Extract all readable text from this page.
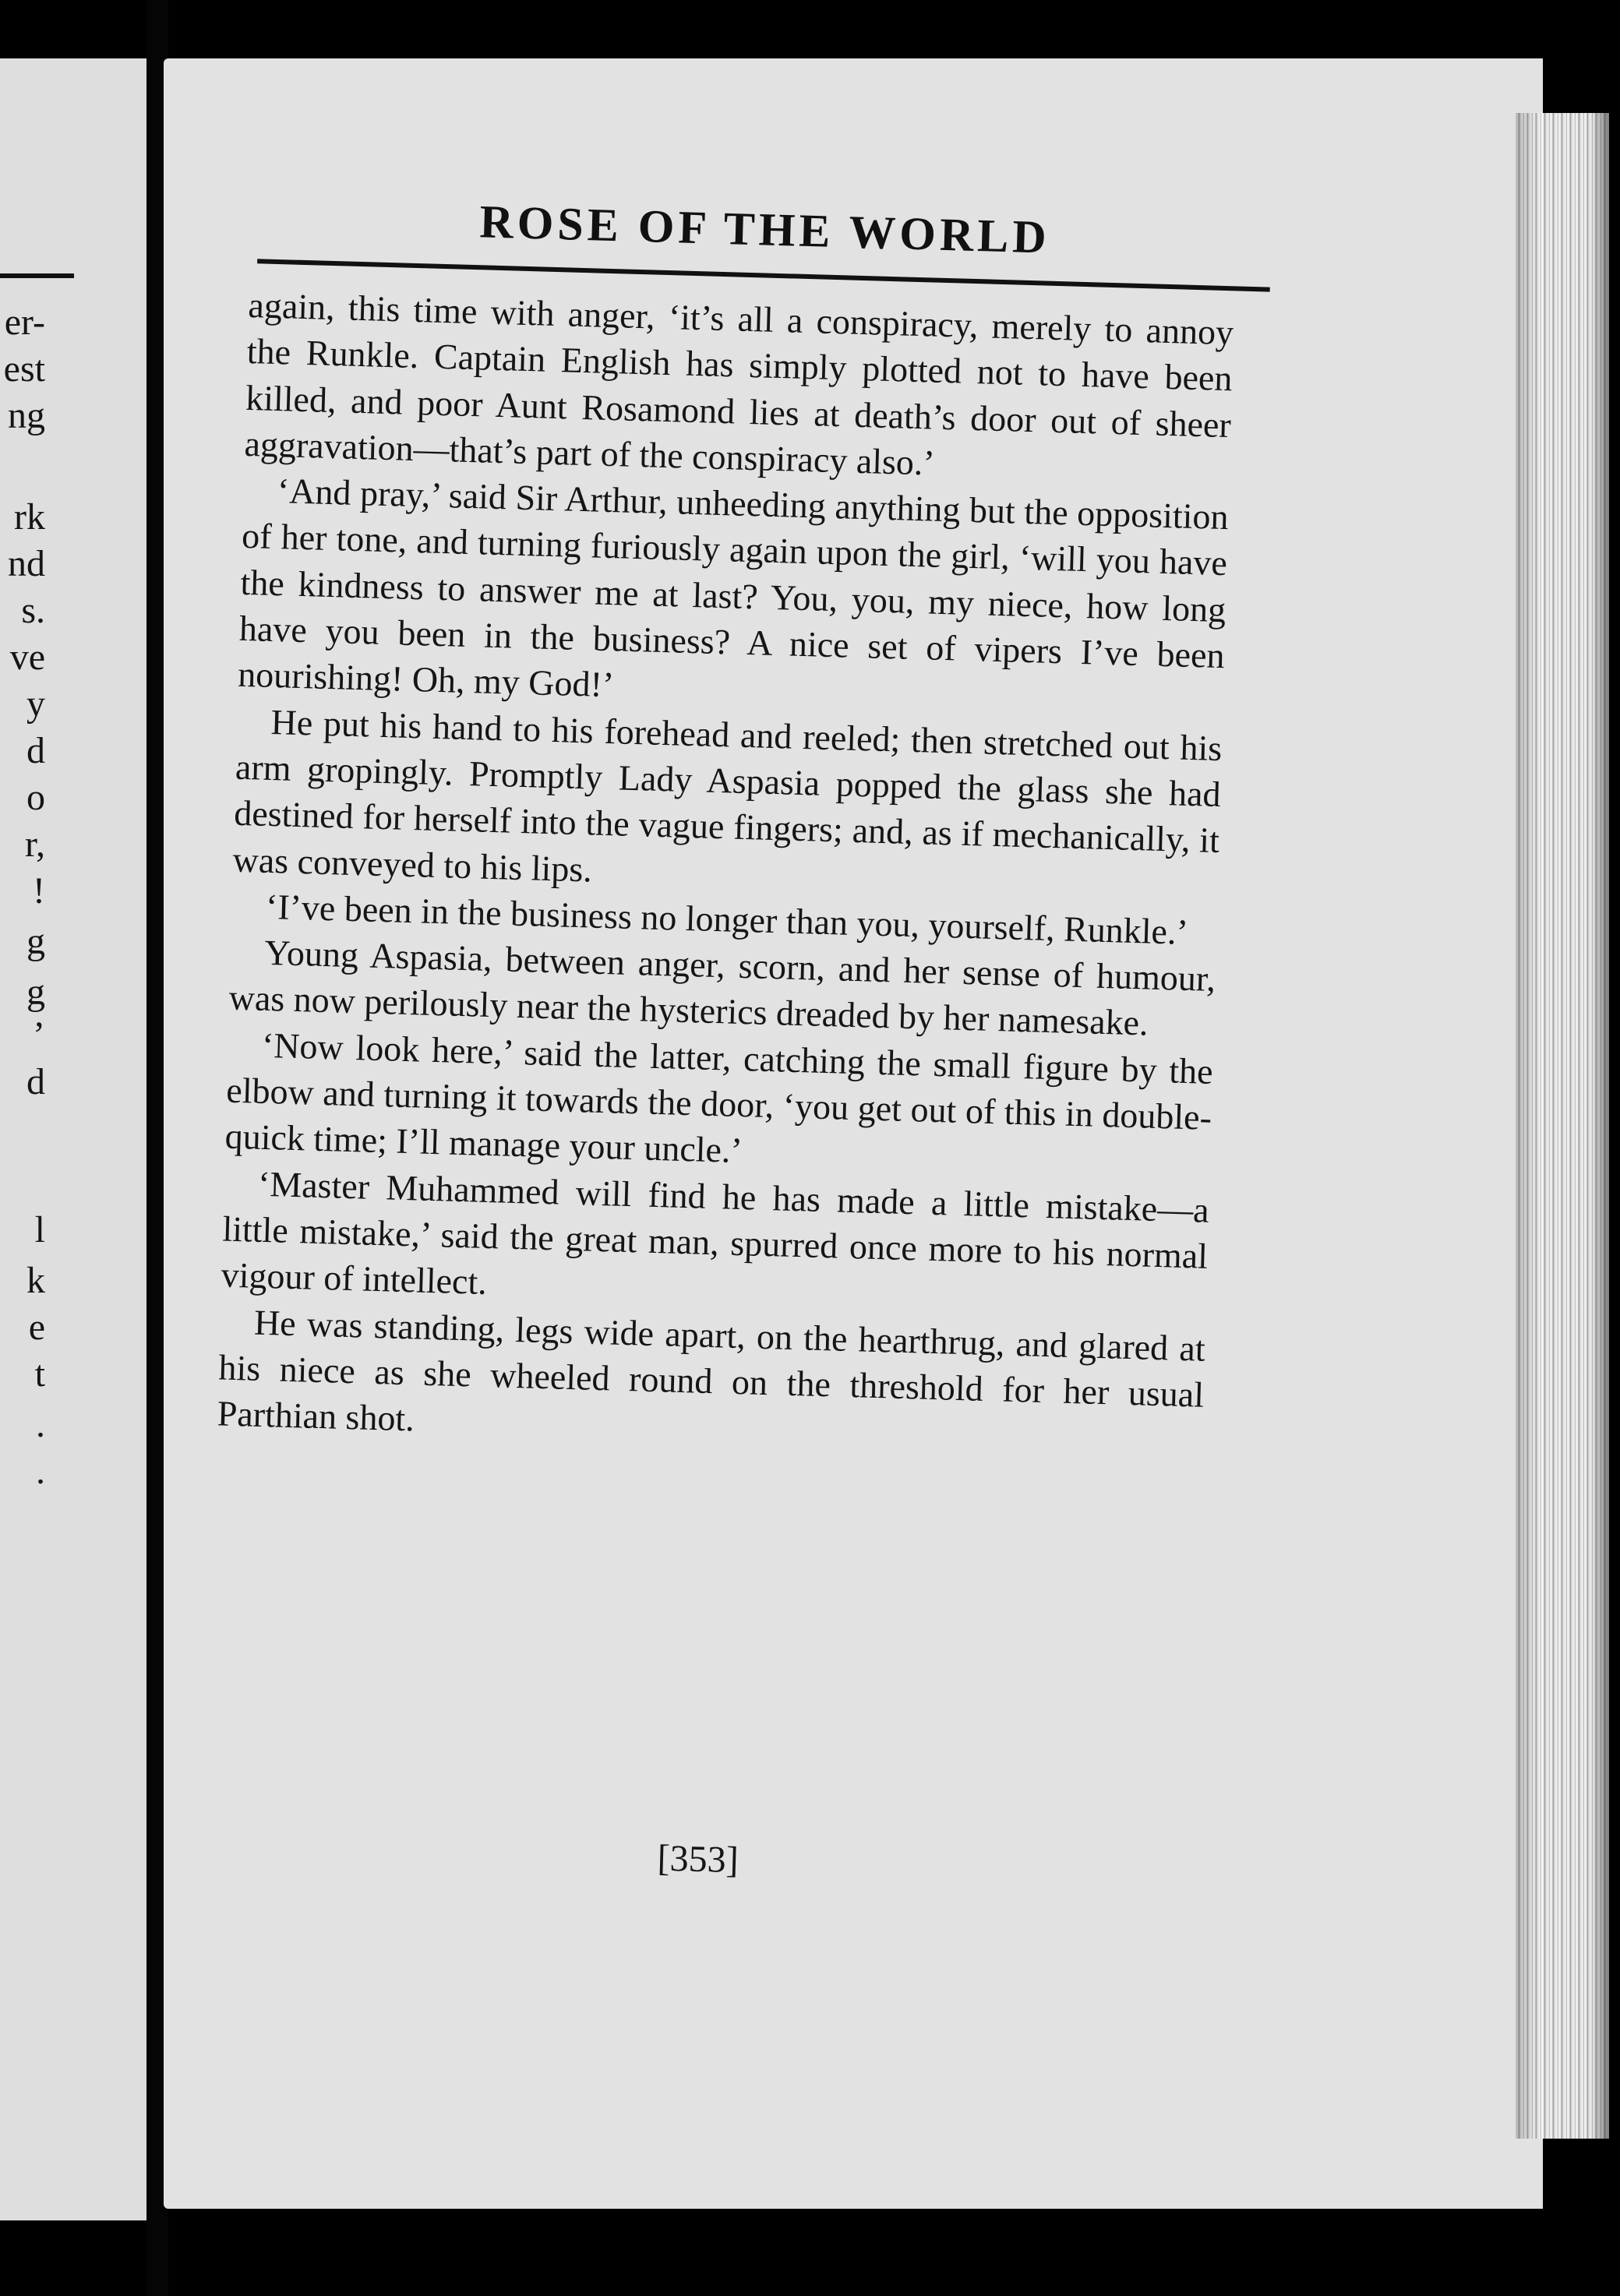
er-
est
ng
rk
nd
s.
ve
y
d
o
r,
!
g
g
’
d
l
k
e
t
.
.
ROSE OF THE WORLD

again, this time with anger, ‘it’s all a conspiracy, merely to annoy the Runkle. Captain English has simply plotted not to have been killed, and poor Aunt Rosamond lies at death’s door out of sheer aggravation—that’s part of the conspiracy also.’

‘And pray,’ said Sir Arthur, unheeding anything but the opposition of her tone, and turning furiously again upon the girl, ‘will you have the kindness to answer me at last? You, you, my niece, how long have you been in the business? A nice set of vipers I’ve been nourishing! Oh, my God!’

He put his hand to his forehead and reeled; then stretched out his arm gropingly. Promptly Lady Aspasia popped the glass she had destined for herself into the vague fingers; and, as if mechanically, it was conveyed to his lips.

‘I’ve been in the business no longer than you, yourself, Runkle.’

Young Aspasia, between anger, scorn, and her sense of humour, was now perilously near the hysterics dreaded by her namesake.

‘Now look here,’ said the latter, catching the small figure by the elbow and turning it towards the door, ‘you get out of this in double-quick time; I’ll manage your uncle.’

‘Master Muhammed will find he has made a little mistake—a little mistake,’ said the great man, spurred once more to his normal vigour of intellect.

He was standing, legs wide apart, on the hearthrug, and glared at his niece as she wheeled round on the threshold for her usual Parthian shot.

[353]
